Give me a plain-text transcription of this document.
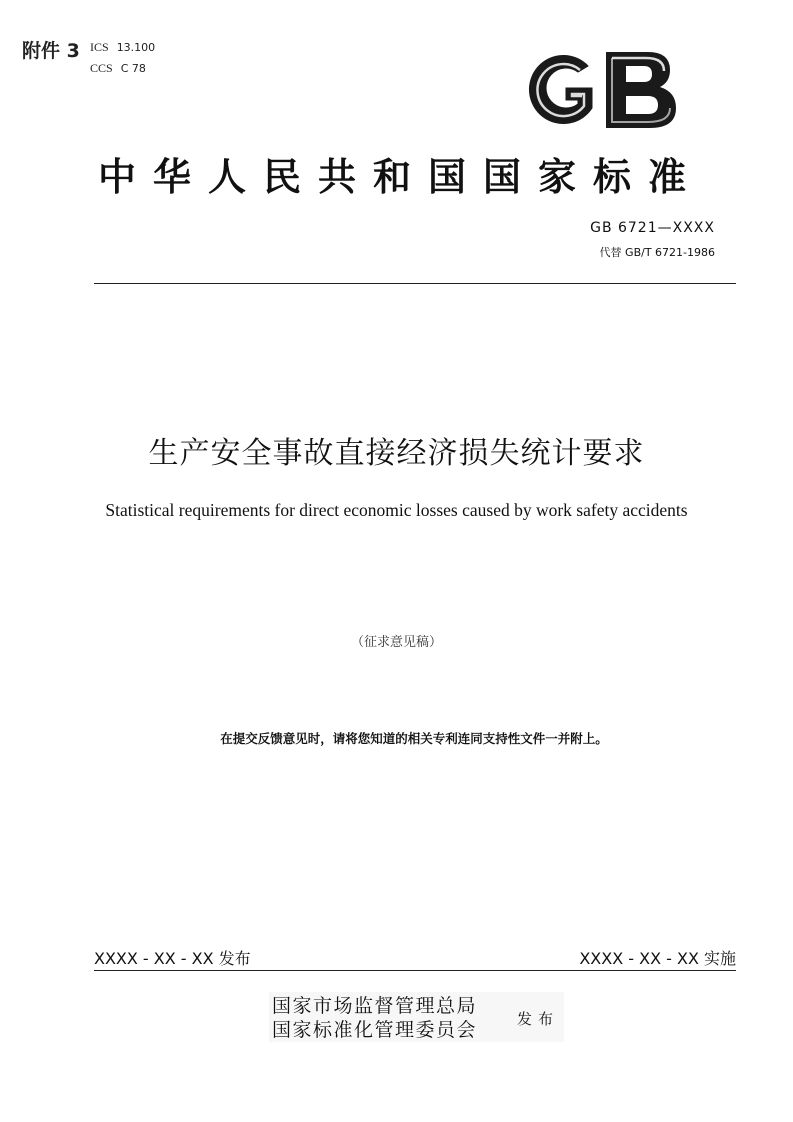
附件 3 ICS 13.100
CCS C 78
中华人民共和国国家标准
GB 6721—XXXX
代替 GB/T 6721-1986
生产安全事故直接经济损失统计要求
Statistical requirements for direct economic losses caused by work safety accidents
（征求意见稿）
在提交反馈意见时，请将您知道的相关专利连同支持性文件一并附上。
XXXX - XX - XX 发布	XXXX - XX - XX 实施
国家市场监督管理总局
国家标准化管理委员会	发布
